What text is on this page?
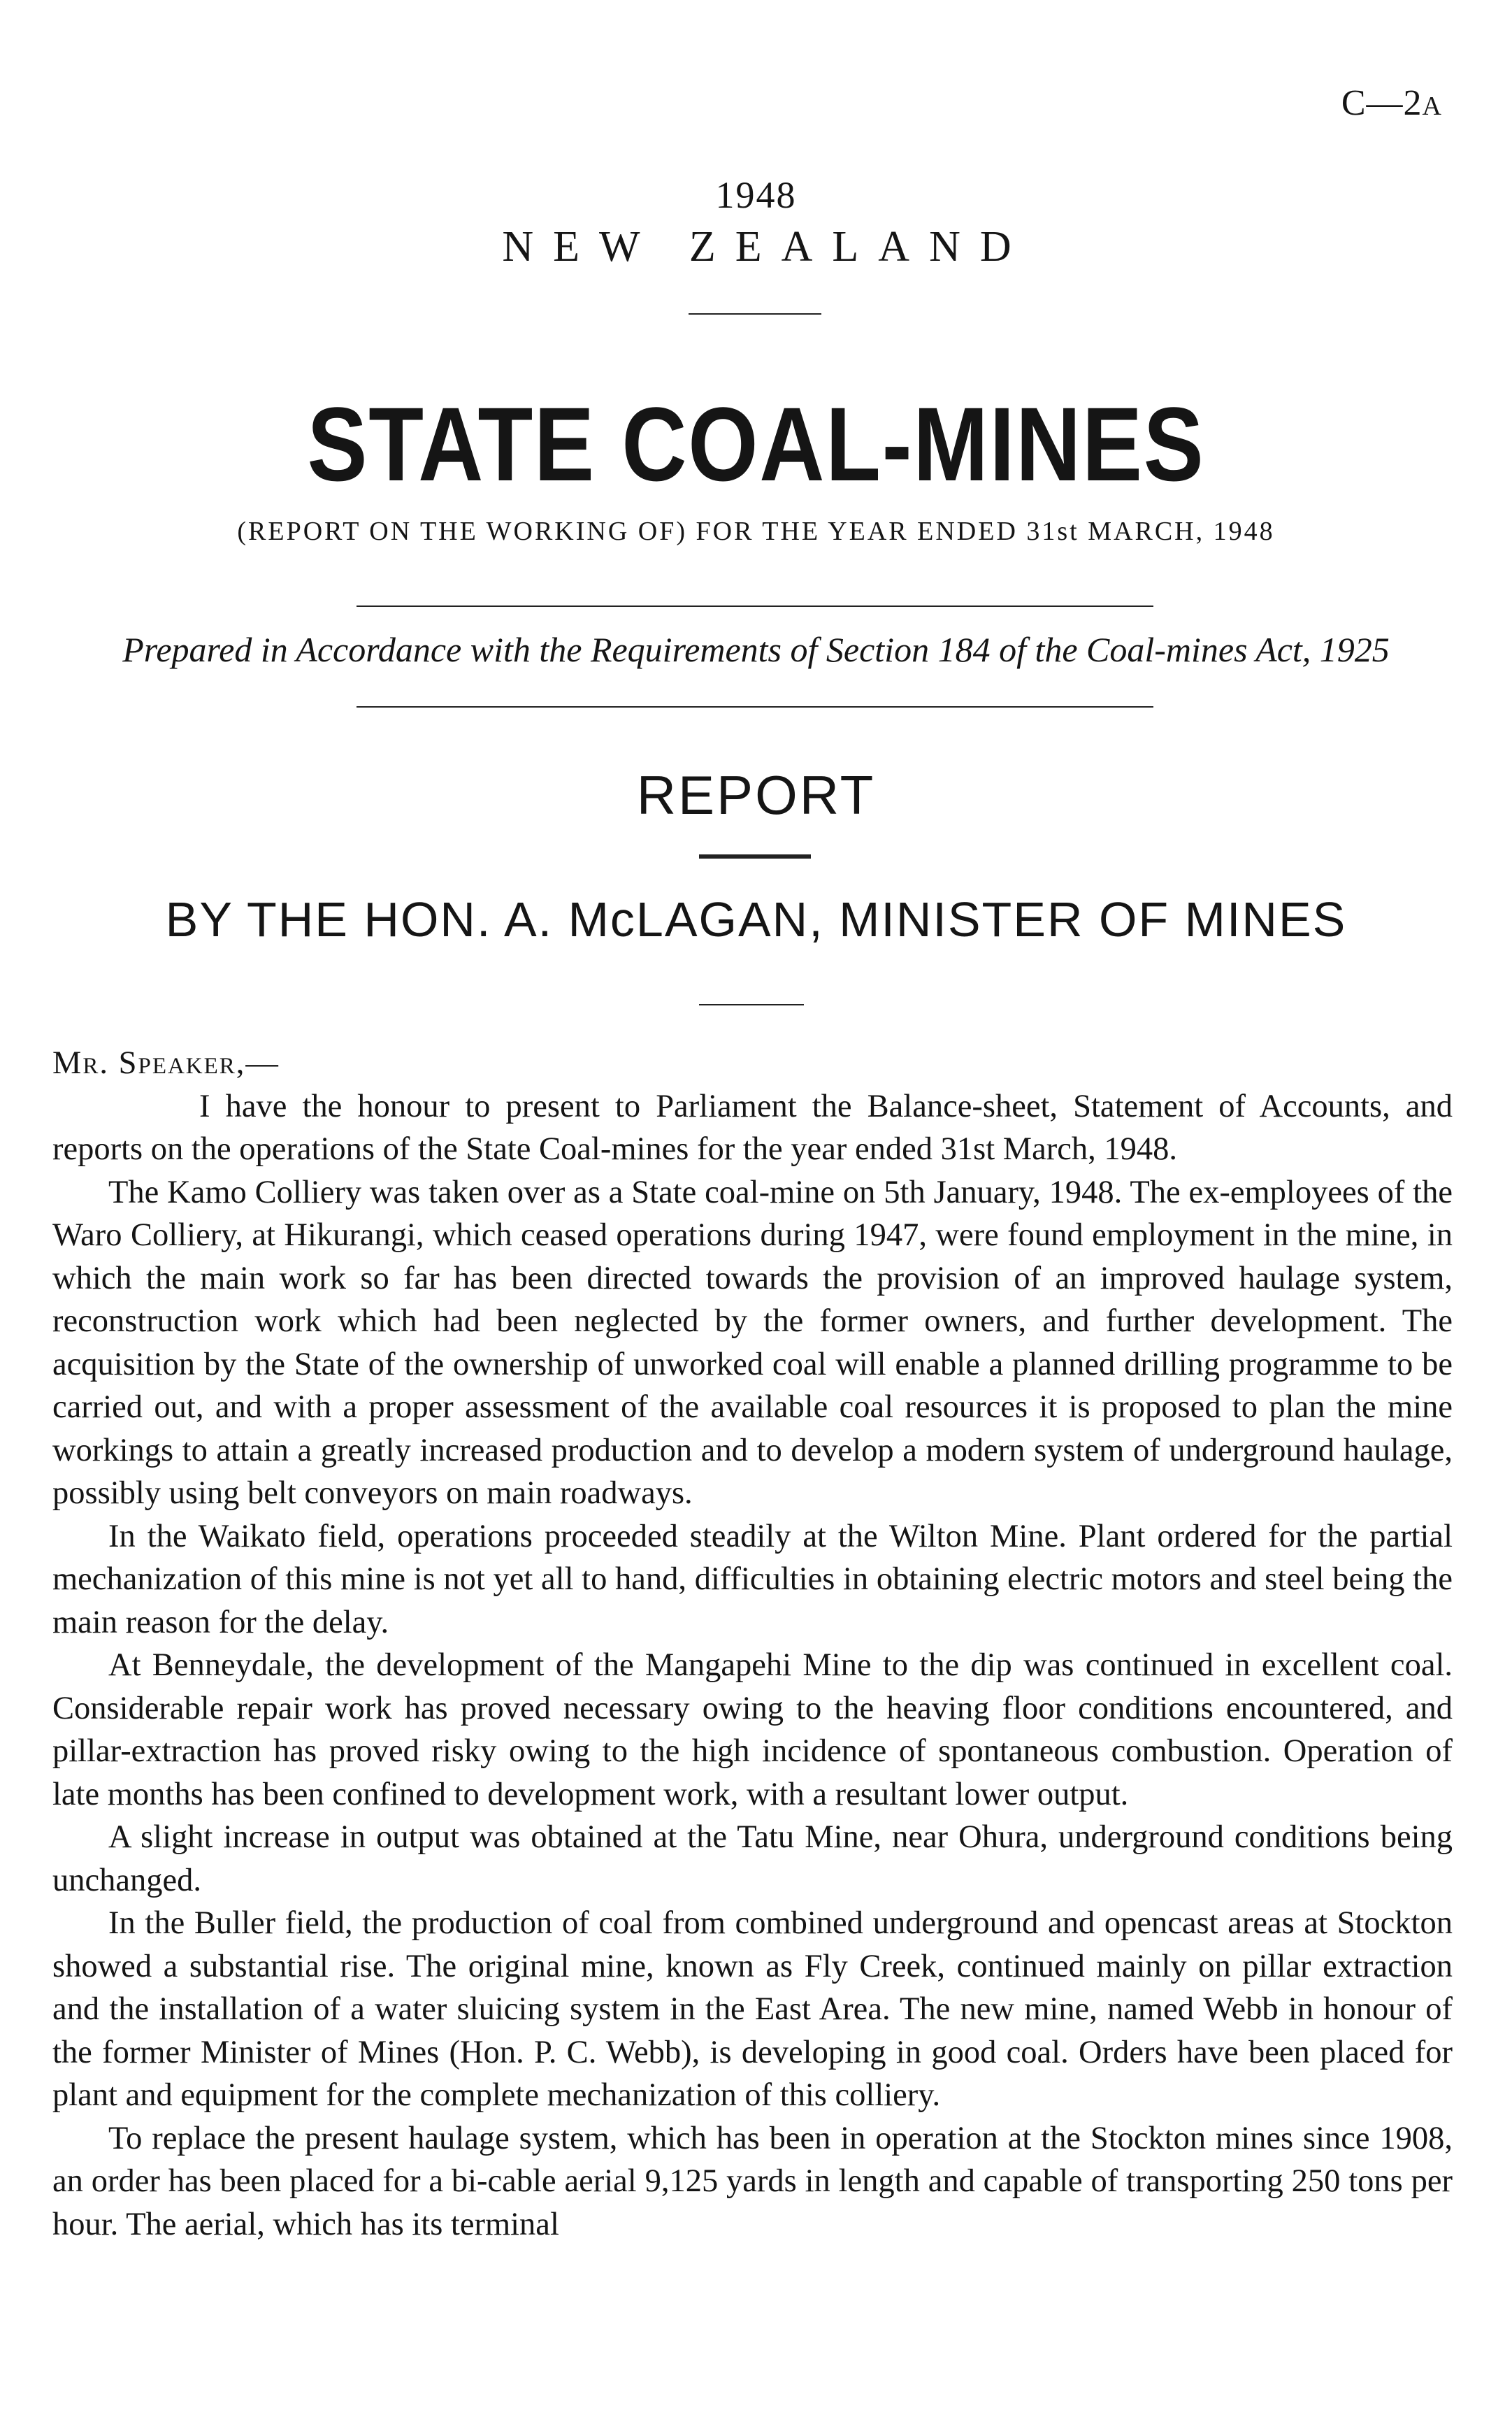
C—2A
1948
NEW ZEALAND
STATE COAL-MINES
(REPORT ON THE WORKING OF) FOR THE YEAR ENDED 31st MARCH, 1948
Prepared in Accordance with the Requirements of Section 184 of the Coal-mines Act, 1925
REPORT
BY THE HON. A. McLAGAN, MINISTER OF MINES

Mr. Speaker,—

I have the honour to present to Parliament the Balance-sheet, Statement of Accounts, and reports on the operations of the State Coal-mines for the year ended 31st March, 1948.

The Kamo Colliery was taken over as a State coal-mine on 5th January, 1948. The ex-employees of the Waro Colliery, at Hikurangi, which ceased operations during 1947, were found employment in the mine, in which the main work so far has been directed towards the provision of an improved haulage system, reconstruction work which had been neglected by the former owners, and further development. The acquisition by the State of the ownership of unworked coal will enable a planned drilling programme to be carried out, and with a proper assessment of the available coal resources it is proposed to plan the mine workings to attain a greatly increased production and to develop a modern system of underground haulage, possibly using belt conveyors on main roadways.

In the Waikato field, operations proceeded steadily at the Wilton Mine. Plant ordered for the partial mechanization of this mine is not yet all to hand, difficulties in obtaining electric motors and steel being the main reason for the delay.

At Benneydale, the development of the Mangapehi Mine to the dip was continued in excellent coal. Considerable repair work has proved necessary owing to the heaving floor conditions encountered, and pillar-extraction has proved risky owing to the high incidence of spontaneous combustion. Operation of late months has been confined to development work, with a resultant lower output.

A slight increase in output was obtained at the Tatu Mine, near Ohura, underground conditions being unchanged.

In the Buller field, the production of coal from combined underground and opencast areas at Stockton showed a substantial rise. The original mine, known as Fly Creek, continued mainly on pillar extraction and the installation of a water sluicing system in the East Area. The new mine, named Webb in honour of the former Minister of Mines (Hon. P. C. Webb), is developing in good coal. Orders have been placed for plant and equipment for the complete mechanization of this colliery.

To replace the present haulage system, which has been in operation at the Stockton mines since 1908, an order has been placed for a bi-cable aerial 9,125 yards in length and capable of transporting 250 tons per hour. The aerial, which has its terminal
